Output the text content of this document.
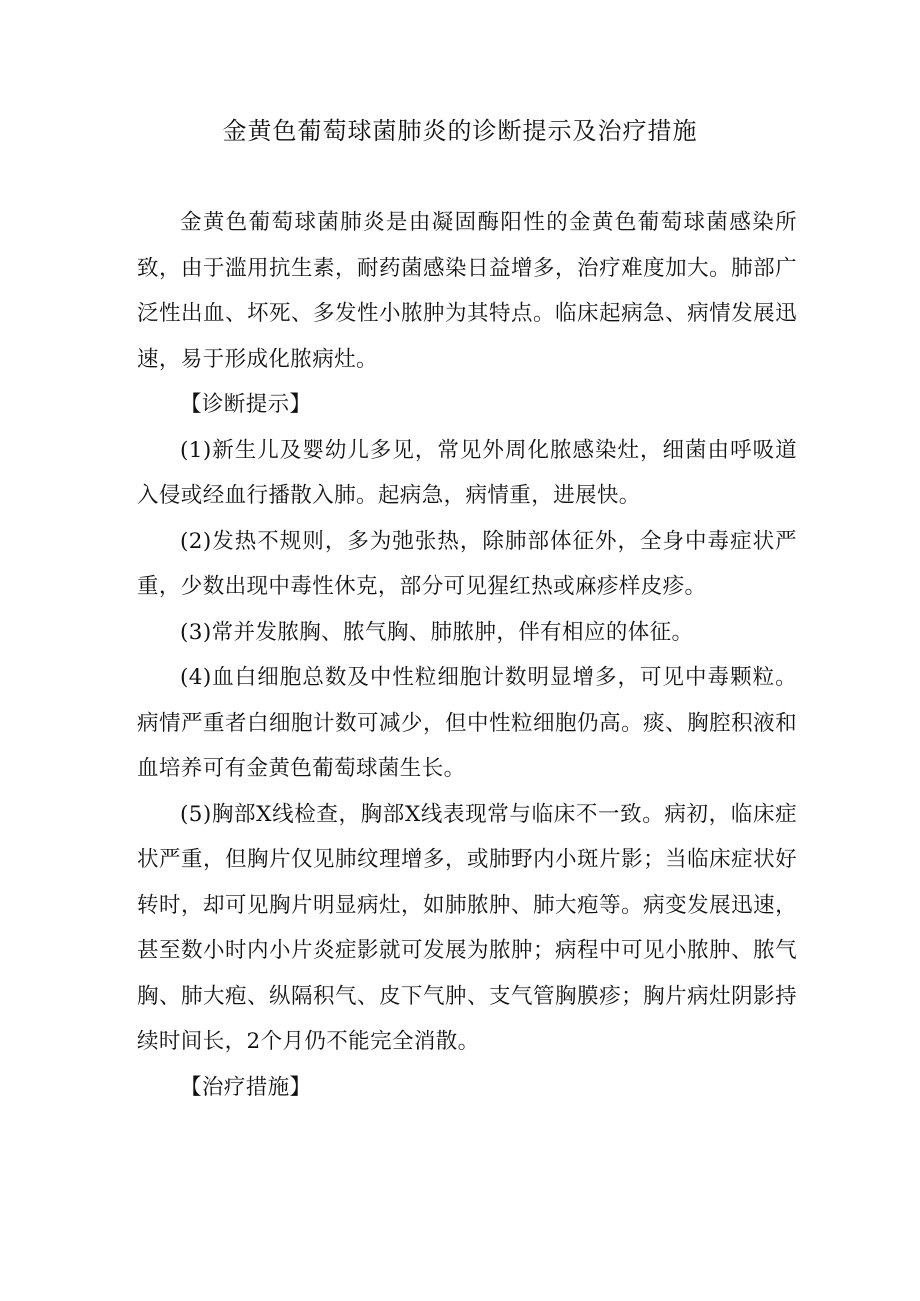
金黄色葡萄球菌肺炎的诊断提示及治疗措施

金黄色葡萄球菌肺炎是由凝固酶阳性的金黄色葡萄球菌感染所致，由于滥用抗生素，耐药菌感染日益增多，治疗难度加大。肺部广泛性出血、坏死、多发性小脓肿为其特点。临床起病急、病情发展迅速，易于形成化脓病灶。

【诊断提示】

(1)新生儿及婴幼儿多见，常见外周化脓感染灶，细菌由呼吸道入侵或经血行播散入肺。起病急，病情重，进展快。

(2)发热不规则，多为弛张热，除肺部体征外，全身中毒症状严重，少数出现中毒性休克，部分可见猩红热或麻疹样皮疹。

(3)常并发脓胸、脓气胸、肺脓肿，伴有相应的体征。

(4)血白细胞总数及中性粒细胞计数明显增多，可见中毒颗粒。病情严重者白细胞计数可减少，但中性粒细胞仍高。痰、胸腔积液和血培养可有金黄色葡萄球菌生长。

(5)胸部X线检查，胸部X线表现常与临床不一致。病初，临床症状严重，但胸片仅见肺纹理增多，或肺野内小斑片影；当临床症状好转时，却可见胸片明显病灶，如肺脓肿、肺大疱等。病变发展迅速，甚至数小时内小片炎症影就可发展为脓肿；病程中可见小脓肿、脓气胸、肺大疱、纵隔积气、皮下气肿、支气管胸膜疹；胸片病灶阴影持续时间长，2个月仍不能完全消散。

【治疗措施】
